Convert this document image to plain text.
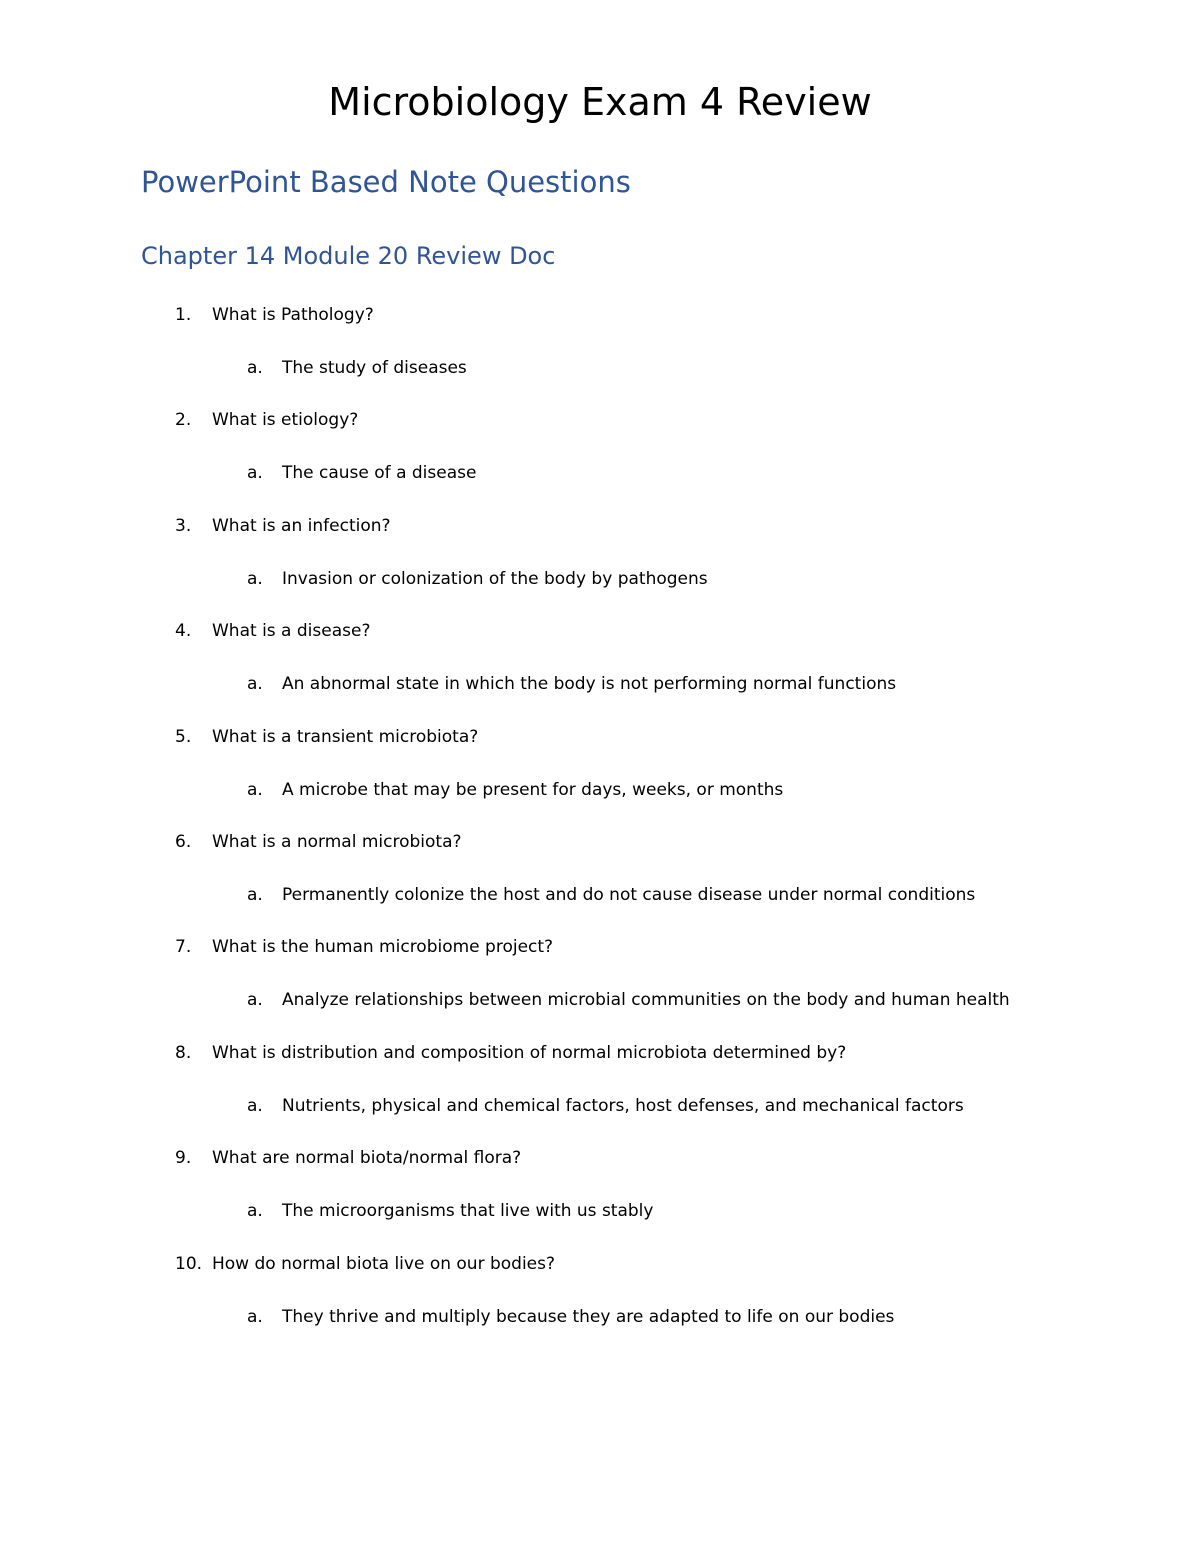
Microbiology Exam 4 Review
PowerPoint Based Note Questions
Chapter 14 Module 20 Review Doc
1. What is Pathology?
a. The study of diseases
2. What is etiology?
a. The cause of a disease
3. What is an infection?
a. Invasion or colonization of the body by pathogens
4. What is a disease?
a. An abnormal state in which the body is not performing normal functions
5. What is a transient microbiota?
a. A microbe that may be present for days, weeks, or months
6. What is a normal microbiota?
a. Permanently colonize the host and do not cause disease under normal conditions
7. What is the human microbiome project?
a. Analyze relationships between microbial communities on the body and human health
8. What is distribution and composition of normal microbiota determined by?
a. Nutrients, physical and chemical factors, host defenses, and mechanical factors
9. What are normal biota/normal flora?
a. The microorganisms that live with us stably
10. How do normal biota live on our bodies?
a. They thrive and multiply because they are adapted to life on our bodies
